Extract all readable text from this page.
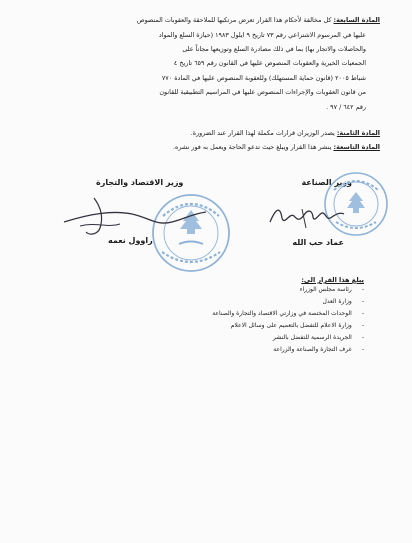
المادة السابعة: كل مخالفة لأحكام هذا القرار تعرض مرتكبها للملاحقة والعقوبات المنصوص
عليها في المرسوم الاشتراعي رقم ٧٣ تاريخ ٩ ايلول ١٩٨٣ (حيازة السلع والمواد
والحاصلات والاتجار بها) بما في ذلك مصادرة السلع وتوزيعها مجاناً على
الجمعيات الخيرية والعقوبات المنصوص عليها في القانون رقم ٦٥٩ تاريخ ٤
شباط ٢٠٠٥ (قانون حماية المستهلك) وللعقوبة المنصوص عليها في المادة ٧٧٠
من قانون العقوبات والإجراءات المنصوص عليها في المراسيم التطبيقية للقانون
رقم ٦٤٢ / ٩٧ .
المادة الثامنة: يصدر الوزيران قرارات مكملة لهذا القرار عند الضرورة.
المادة التاسعة: ينشر هذا القرار ويبلغ حيث تدعو الحاجة ويعمل به فور نشره.
وزير الصناعة
وزير الاقتصاد والتجارة
عماد حب الله
راوول نعمه
يبلغ هذا القرار الى:
-رئاسة مجلس الوزراء
-وزارة العدل
-الوحدات المختصة في وزارتي الاقتصاد والتجارة والصناعة
-وزارة الاعلام للتفضل بالتعميم على وسائل الاعلام
-الجريدة الرسمية للتفضل بالنشر
-غرف التجارة والصناعة والزراعة
